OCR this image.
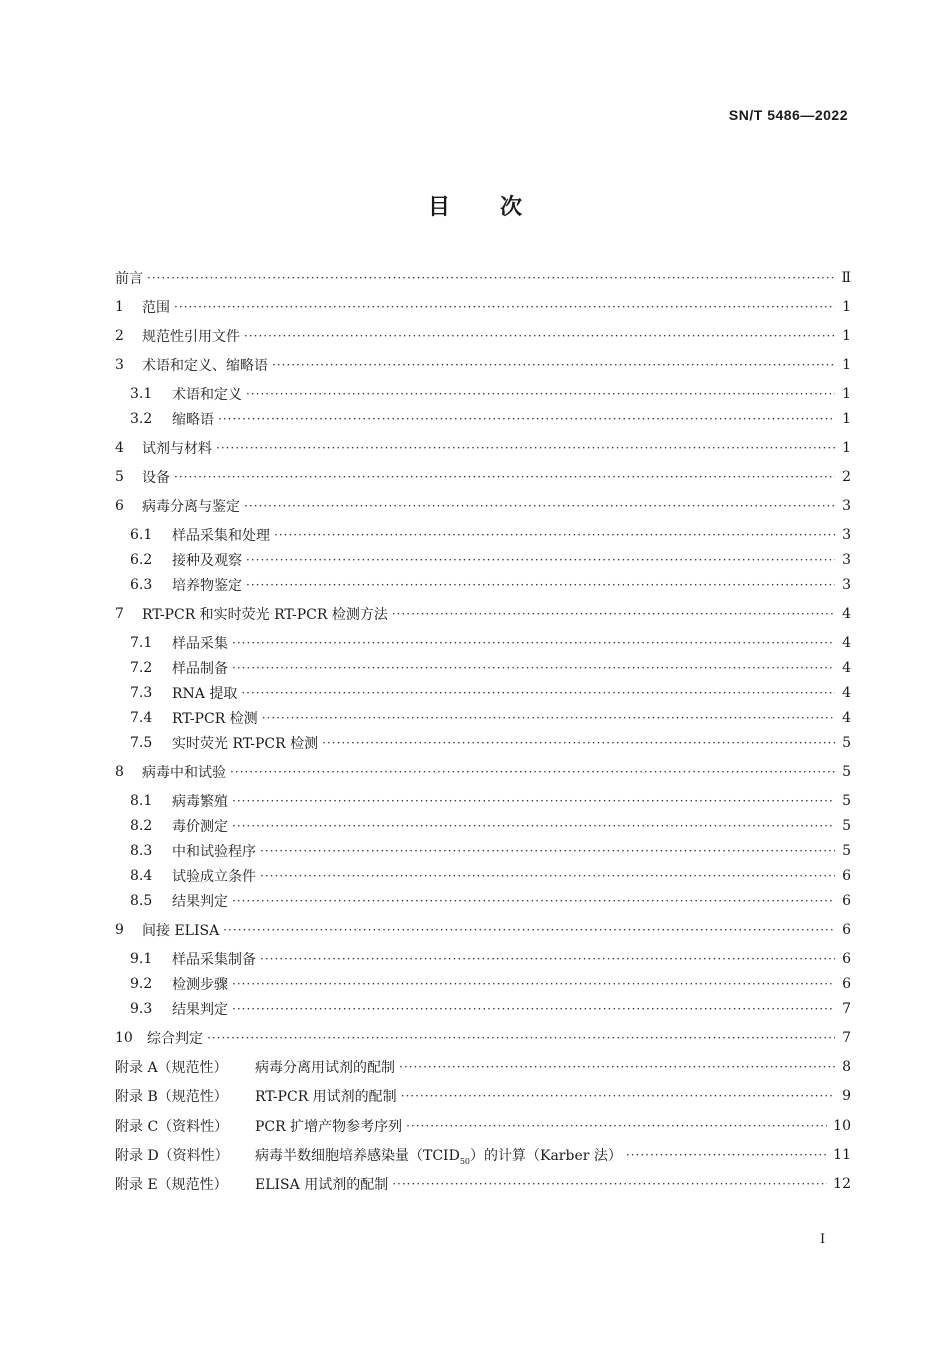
SN/T 5486—2022
目次
前言 ·····	Ⅱ
1	范围 ·····	1
2	规范性引用文件 ·····	1
3	术语和定义、缩略语 ·····	1
3.1	术语和定义 ·····	1
3.2	缩略语 ·····	1
4	试剂与材料 ·····	1
5	设备 ·····	2
6	病毒分离与鉴定 ·····	3
6.1	样品采集和处理 ·····	3
6.2	接种及观察 ·····	3
6.3	培养物鉴定 ·····	3
7	RT-PCR 和实时荧光 RT-PCR 检测方法 ·····	4
7.1	样品采集 ·····	4
7.2	样品制备 ·····	4
7.3	RNA 提取 ·····	4
7.4	RT-PCR 检测 ·····	4
7.5	实时荧光 RT-PCR 检测 ·····	5
8	病毒中和试验 ·····	5
8.1	病毒繁殖 ·····	5
8.2	毒价测定 ·····	5
8.3	中和试验程序 ·····	5
8.4	试验成立条件 ·····	6
8.5	结果判定 ·····	6
9	间接 ELISA ·····	6
9.1	样品采集制备 ·····	6
9.2	检测步骤 ·····	6
9.3	结果判定 ·····	7
10	综合判定 ·····	7
附录 A（规范性）	病毒分离用试剂的配制 ·····	8
附录 B（规范性）	RT-PCR 用试剂的配制 ·····	9
附录 C（资料性）	PCR 扩增产物参考序列 ·····	10
附录 D（资料性）	病毒半数细胞培养感染量$(TCID_{50})$的计算（Karber 法） ·····	11
附录 E（规范性）	ELISA 用试剂的配制 ·····	12
I
